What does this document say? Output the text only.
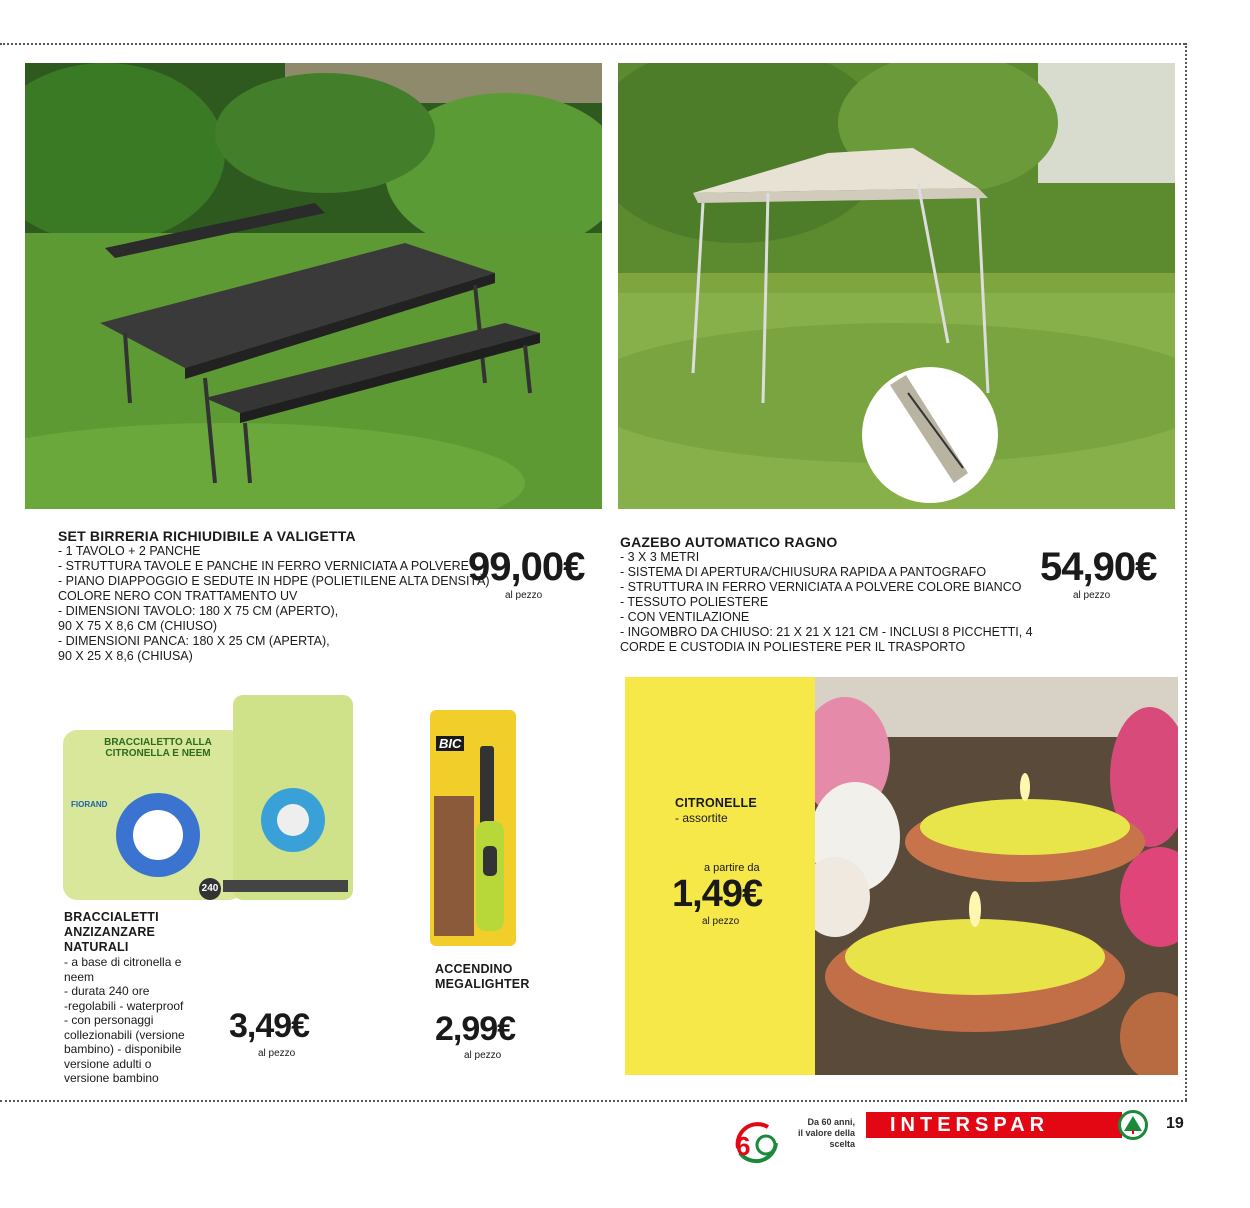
SET BIRRERIA RICHIUDIBILE A VALIGETTA
- 1 TAVOLO + 2 PANCHE
- STRUTTURA TAVOLE E PANCHE IN FERRO VERNICIATA A POLVERE
- PIANO DIAPPOGGIO E SEDUTE IN HDPE (POLIETILENE ALTA DENSITÀ)
COLORE NERO CON TRATTAMENTO UV
- DIMENSIONI TAVOLO: 180 X 75 CM (APERTO),
90 X 75 X 8,6 CM (CHIUSO)
- DIMENSIONI PANCA: 180 X 25 CM (APERTA),
90 X 25 X 8,6 (CHIUSA)
99,00€
al pezzo
GAZEBO AUTOMATICO RAGNO
- 3 X 3 METRI
- SISTEMA DI APERTURA/CHIUSURA RAPIDA A PANTOGRAFO
- STRUTTURA IN FERRO VERNICIATA A POLVERE COLORE BIANCO
- TESSUTO POLIESTERE
- CON VENTILAZIONE
- INGOMBRO DA CHIUSO: 21 X 21 X 121 CM - INCLUSI 8 PICCHETTI, 4
CORDE E CUSTODIA IN POLIESTERE PER IL TRASPORTO
54,90€
al pezzo
FIORAND
BRACCIALETTO ALLA CITRONELLA E NEEM
240
BIC
BRACCIALETTI
ANZIZANZARE
NATURALI
- a base di citronella e
neem
- durata 240 ore
-regolabili - waterproof
- con personaggi
collezionabili (versione
bambino) - disponibile
versione adulti o
versione bambino
3,49€
al pezzo
ACCENDINO
MEGALIGHTER
2,99€
al pezzo
CITRONELLE
- assortite
a partire da
1,49€
al pezzo
6
Da 60 anni,
il valore della scelta
INTERSPAR	19
